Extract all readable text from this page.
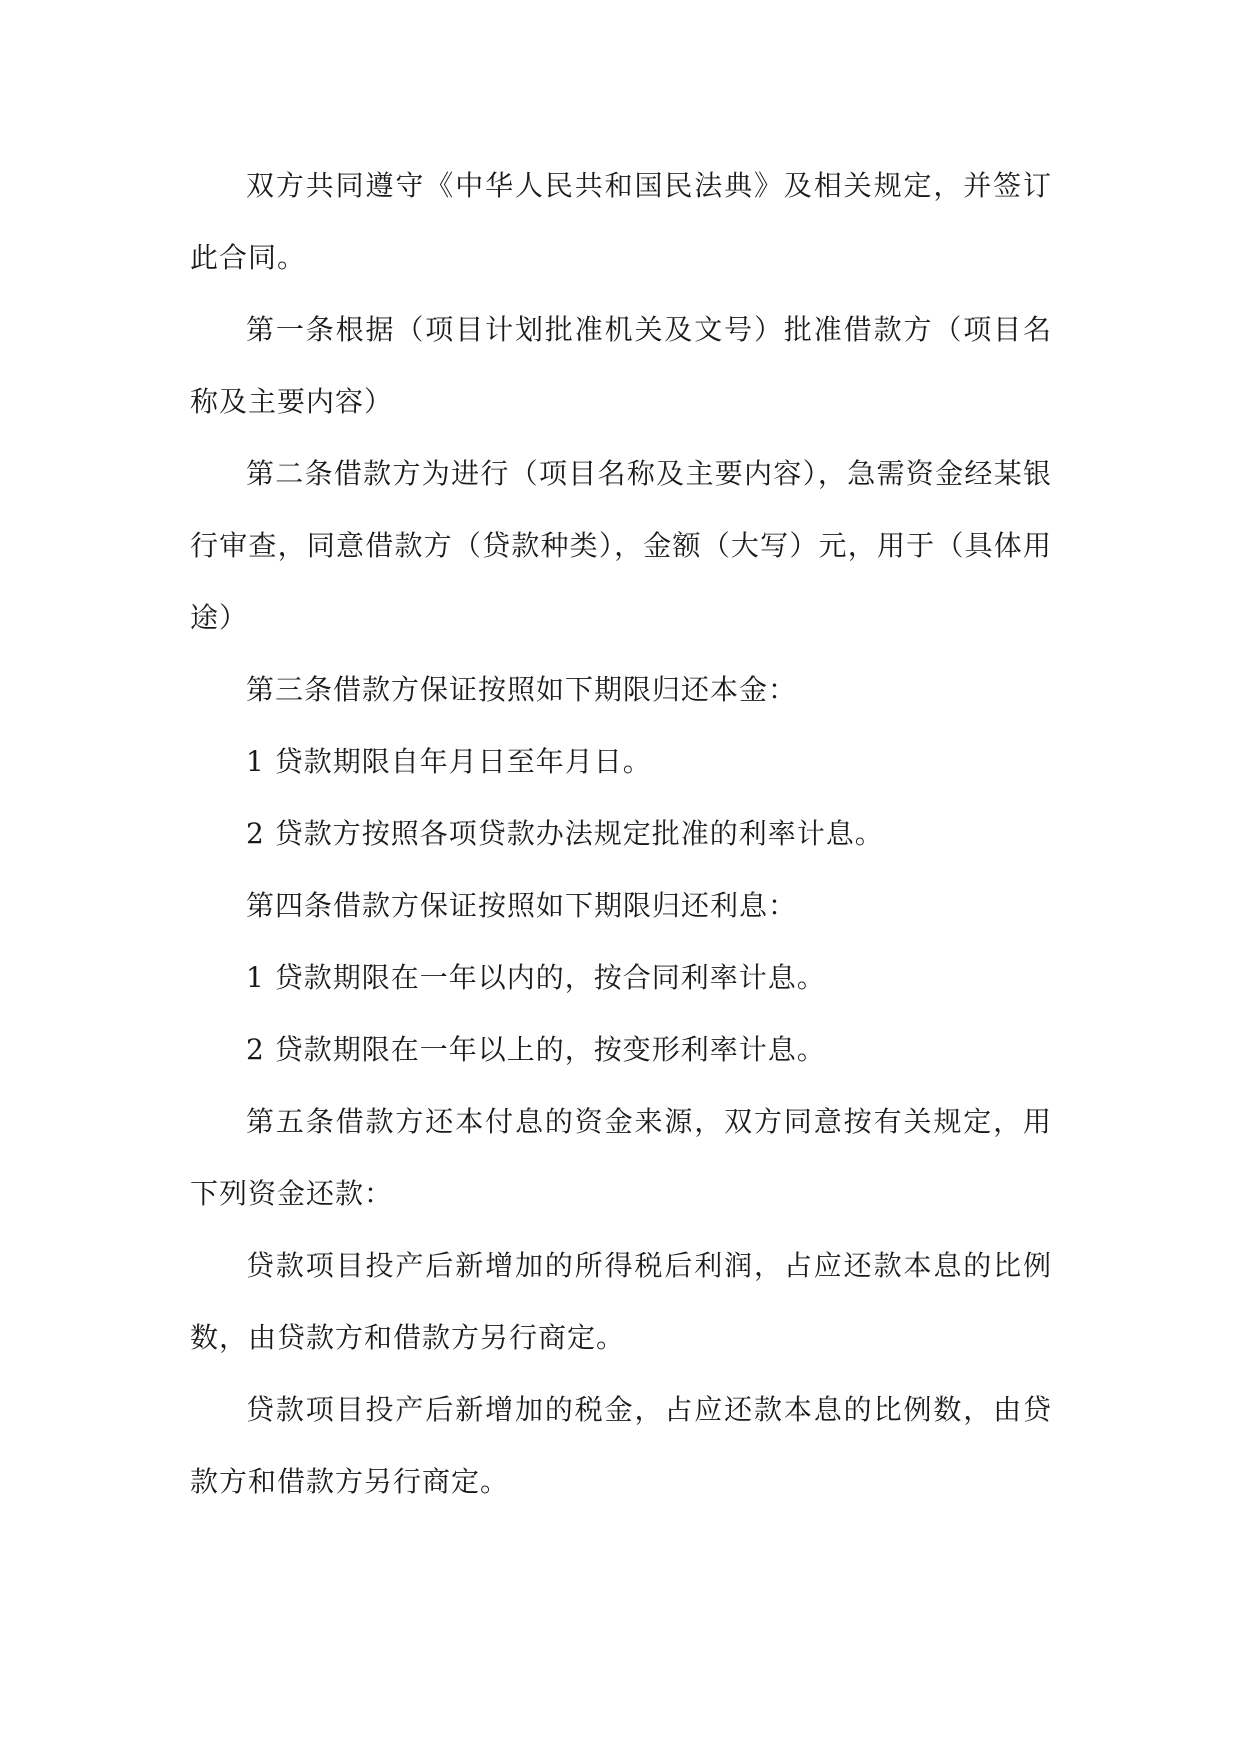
双方共同遵守《中华人民共和国民法典》及相关规定，并签订此合同。

第一条根据（项目计划批准机关及文号）批准借款方（项目名称及主要内容）

第二条借款方为进行（项目名称及主要内容），急需资金经某银行审查，同意借款方（贷款种类），金额（大写）元，用于（具体用途）

第三条借款方保证按照如下期限归还本金：

1 贷款期限自年月日至年月日。

2 贷款方按照各项贷款办法规定批准的利率计息。

第四条借款方保证按照如下期限归还利息：

1 贷款期限在一年以内的，按合同利率计息。

2 贷款期限在一年以上的，按变形利率计息。

第五条借款方还本付息的资金来源，双方同意按有关规定，用下列资金还款：

贷款项目投产后新增加的所得税后利润，占应还款本息的比例数，由贷款方和借款方另行商定。

贷款项目投产后新增加的税金，占应还款本息的比例数，由贷款方和借款方另行商定。
